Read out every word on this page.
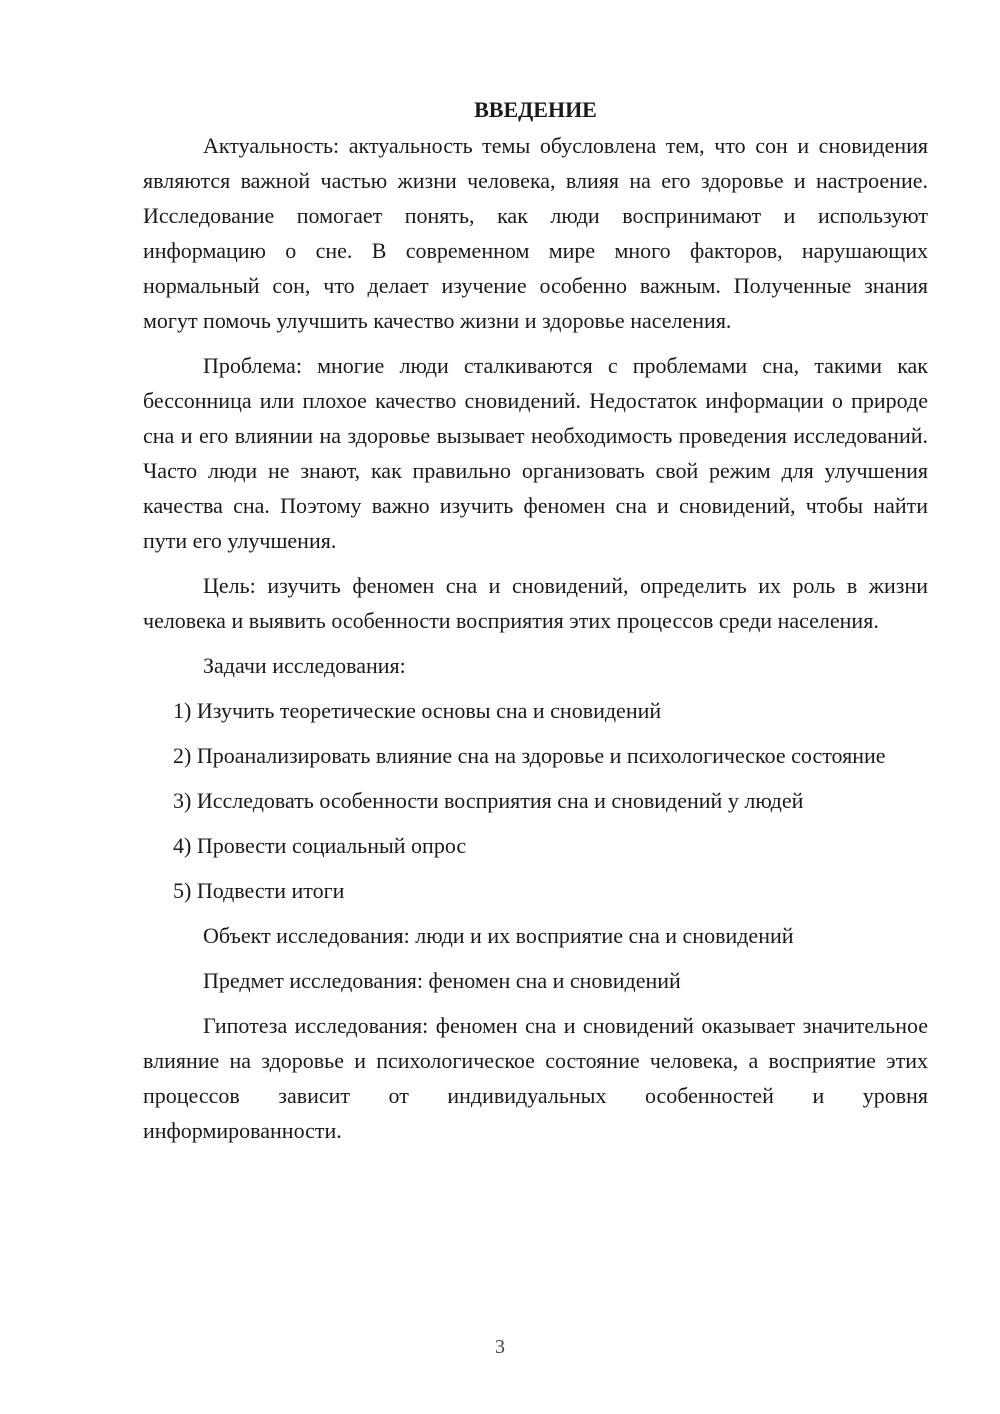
ВВЕДЕНИЕ

Актуальность: актуальность темы обусловлена тем, что сон и сновидения являются важной частью жизни человека, влияя на его здоровье и настроение. Исследование помогает понять, как люди воспринимают и используют информацию о сне. В современном мире много факторов, нарушающих нормальный сон, что делает изучение особенно важным. Полученные знания могут помочь улучшить качество жизни и здоровье населения.

Проблема: многие люди сталкиваются с проблемами сна, такими как бессонница или плохое качество сновидений. Недостаток информации о природе сна и его влиянии на здоровье вызывает необходимость проведения исследований. Часто люди не знают, как правильно организовать свой режим для улучшения качества сна. Поэтому важно изучить феномен сна и сновидений, чтобы найти пути его улучшения.

Цель: изучить феномен сна и сновидений, определить их роль в жизни человека и выявить особенности восприятия этих процессов среди населения.

Задачи исследования:

1) Изучить теоретические основы сна и сновидений

2) Проанализировать влияние сна на здоровье и психологическое состояние

3) Исследовать особенности восприятия сна и сновидений у людей

4) Провести социальный опрос

5) Подвести итоги

Объект исследования: люди и их восприятие сна и сновидений

Предмет исследования: феномен сна и сновидений

Гипотеза исследования: феномен сна и сновидений оказывает значительное влияние на здоровье и психологическое состояние человека, а восприятие этих процессов зависит от индивидуальных особенностей и уровня информированности.

3
